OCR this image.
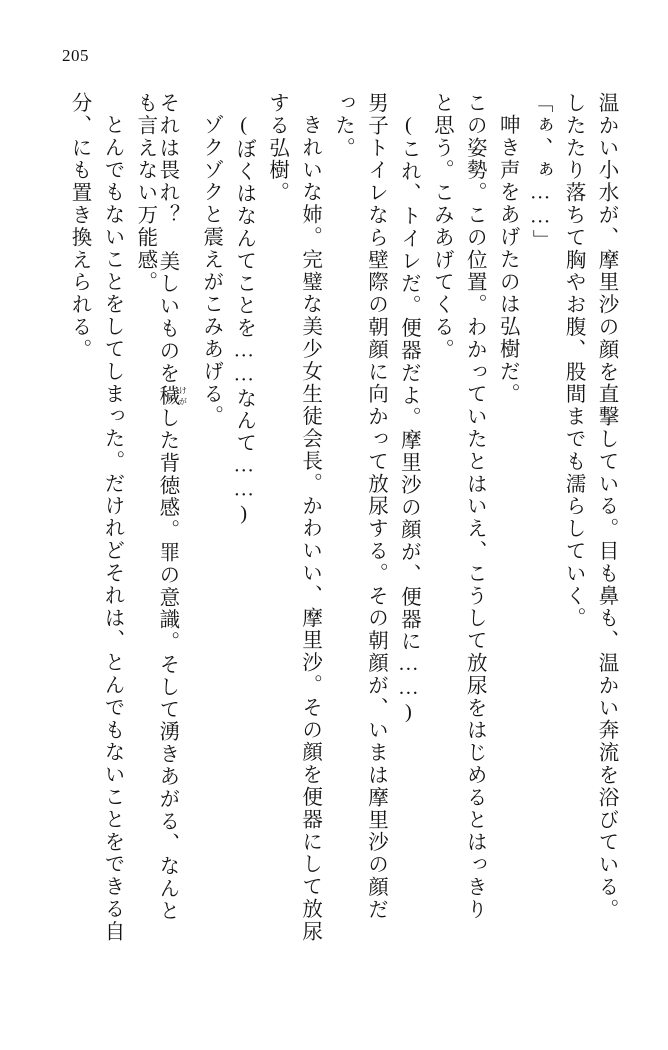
205
温かい小水が、摩里沙の顔を直撃している。目も鼻も、温かい奔流を浴びている。
したたり落ちて胸やお腹、股間までも濡らしていく。
「ぁ、ぁ……」
呻き声をあげたのは弘樹だ。
この姿勢。この位置。わかっていたとはいえ、こうして放尿をはじめるとはっきり
と思う。こみあげてくる。
(これ、トイレだ。便器だよ。摩里沙の顔が、便器に……)
男子トイレなら壁際の朝顔に向かって放尿する。その朝顔が、いまは摩里沙の顔だ
った。
きれいな姉。完璧な美少女生徒会長。かわいい、摩里沙。その顔を便器にして放尿
する弘樹。
(ぼくはなんてことを……なんて……)
ゾクゾクと震えがこみあげる。
それは畏れ？ 美しいものを穢 けがした背徳感。罪の意識。そして湧きあがる、なんと
も言えない万能感。
とんでもないことをしてしまった。だけれどそれは、とんでもないことをできる自
分、にも置き換えられる。
